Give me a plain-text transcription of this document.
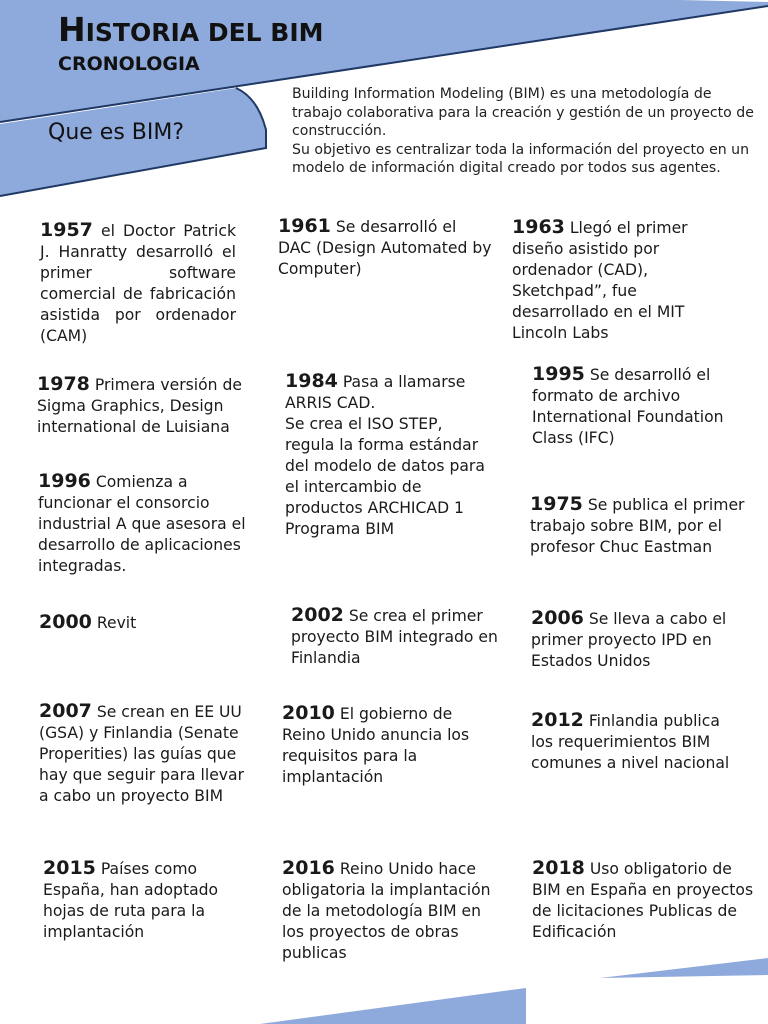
HISTORIA DEL BIM
CRONOLOGIA
Que es BIM?

Building Information Modeling (BIM) es una metodología de trabajo colaborativa para la creación y gestión de un proyecto de construcción.

Su objetivo es centralizar toda la información del proyecto en un modelo de información digital creado por todos sus agentes.

1957 el Doctor Patrick J. Hanratty desarrolló el primer software comercial de fabricación asistida por ordenador (CAM)
1961 Se desarrolló el DAC (Design Automated by Computer)
1963 Llegó el primer diseño asistido por ordenador (CAD), Sketchpad”, fue desarrollado en el MIT Lincoln Labs
1978 Primera versión de Sigma Graphics, Design international de Luisiana
1984 Pasa a llamarse ARRIS CAD.
Se crea el ISO STEP, regula la forma estándar del modelo de datos para el intercambio de productos ARCHICAD 1 Programa BIM
1995 Se desarrolló el formato de archivo International Foundation Class (IFC)
1996 Comienza a funcionar el consorcio industrial A que asesora el desarrollo de aplicaciones integradas.
1975 Se publica el primer trabajo sobre BIM, por el profesor Chuc Eastman
2000 Revit	2002 Se crea el primer proyecto BIM integrado en Finlandia
2006 Se lleva a cabo el primer proyecto IPD en Estados Unidos
2007 Se crean en EE UU (GSA) y Finlandia (Senate Properities) las guías que hay que seguir para llevar a cabo un proyecto BIM
2010 El gobierno de Reino Unido anuncia los requisitos para la implantación
2012 Finlandia publica los requerimientos BIM comunes a nivel nacional
2015 Países como España, han adoptado hojas de ruta para la implantación
2016 Reino Unido hace obligatoria la implantación de la metodología BIM en los proyectos de obras publicas
2018 Uso obligatorio de BIM en España en proyectos de licitaciones Publicas de Edificación
